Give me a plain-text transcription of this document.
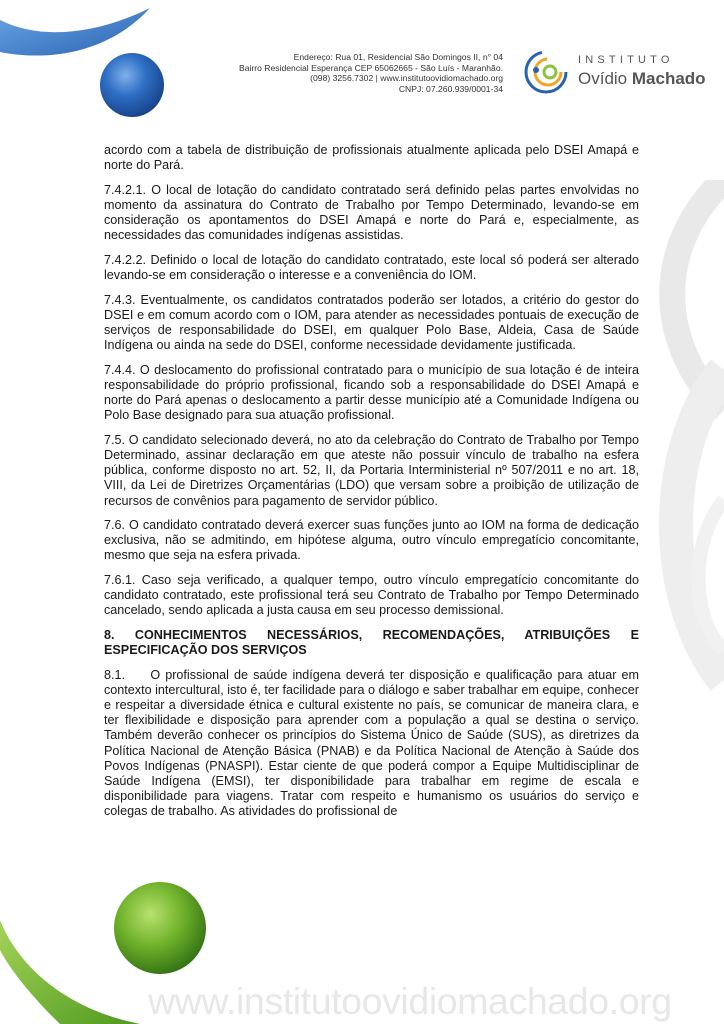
Endereço: Rua 01, Residencial São Domingos II, n° 04
Bairro Residencial Esperança CEP 65062665 - São Luís - Maranhão.
(098) 3256.7302 | www.institutoovidiomachado.org
CNPJ: 07.260.939/0001-34
INSTITUTO
Ovídio Machado

acordo com a tabela de distribuição de profissionais atualmente aplicada pelo DSEI Amapá e norte do Pará.

7.4.2.1. O local de lotação do candidato contratado será definido pelas partes envolvidas no momento da assinatura do Contrato de Trabalho por Tempo Determinado, levando-se em consideração os apontamentos do DSEI Amapá e norte do Pará e, especialmente, as necessidades das comunidades indígenas assistidas.

7.4.2.2. Definido o local de lotação do candidato contratado, este local só poderá ser alterado levando-se em consideração o interesse e a conveniência do IOM.

7.4.3. Eventualmente, os candidatos contratados poderão ser lotados, a critério do gestor do DSEI e em comum acordo com o IOM, para atender as necessidades pontuais de execução de serviços de responsabilidade do DSEI, em qualquer Polo Base, Aldeia, Casa de Saúde Indígena ou ainda na sede do DSEI, conforme necessidade devidamente justificada.

7.4.4. O deslocamento do profissional contratado para o município de sua lotação é de inteira responsabilidade do próprio profissional, ficando sob a responsabilidade do DSEI Amapá e norte do Pará apenas o deslocamento a partir desse município até a Comunidade Indígena ou Polo Base designado para sua atuação profissional.

7.5. O candidato selecionado deverá, no ato da celebração do Contrato de Trabalho por Tempo Determinado, assinar declaração em que ateste não possuir vínculo de trabalho na esfera pública, conforme disposto no art. 52, II, da Portaria Interministerial nº 507/2011 e no art. 18, VIII, da Lei de Diretrizes Orçamentárias (LDO) que versam sobre a proibição de utilização de recursos de convênios para pagamento de servidor público.

7.6. O candidato contratado deverá exercer suas funções junto ao IOM na forma de dedicação exclusiva, não se admitindo, em hipótese alguma, outro vínculo empregatício concomitante, mesmo que seja na esfera privada.

7.6.1. Caso seja verificado, a qualquer tempo, outro vínculo empregatício concomitante do candidato contratado, este profissional terá seu Contrato de Trabalho por Tempo Determinado cancelado, sendo aplicada a justa causa em seu processo demissional.

8. CONHECIMENTOS NECESSÁRIOS, RECOMENDAÇÕES, ATRIBUIÇÕES E ESPECIFICAÇÃO DOS SERVIÇOS

8.1.     O profissional de saúde indígena deverá ter disposição e qualificação para atuar em contexto intercultural, isto é, ter facilidade para o diálogo e saber trabalhar em equipe, conhecer e respeitar a diversidade étnica e cultural existente no país, se comunicar de maneira clara, e ter flexibilidade e disposição para aprender com a população a qual se destina o serviço. Também deverão conhecer os princípios do Sistema Único de Saúde (SUS), as diretrizes da Política Nacional de Atenção Básica (PNAB) e da Política Nacional de Atenção à Saúde dos Povos Indígenas (PNASPI). Estar ciente de que poderá compor a Equipe Multidisciplinar de Saúde Indígena (EMSI), ter disponibilidade para trabalhar em regime de escala e disponibilidade para viagens. Tratar com respeito e humanismo os usuários do serviço e colegas de trabalho. As atividades do profissional de

www.institutoovidiomachado.org
